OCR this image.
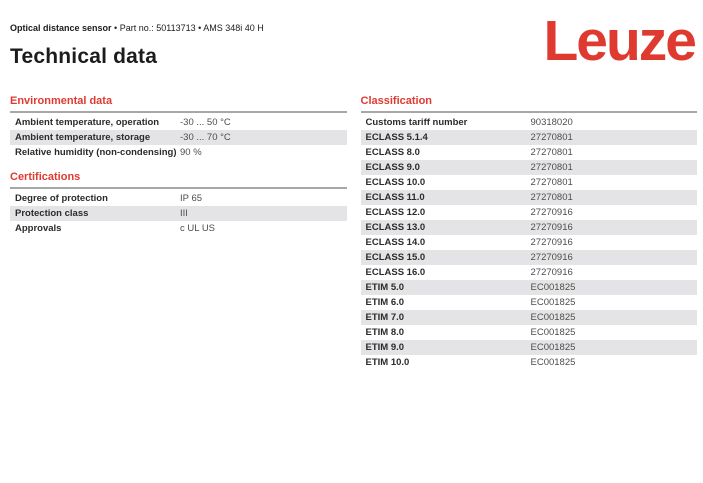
Optical distance sensor • Part no.: 50113713 • AMS 348i 40 H
Technical data	Leuze
Environmental data
Ambient temperature, operation	-30 ... 50 °C
Ambient temperature, storage	-30 ... 70 °C
Relative humidity (non-condensing) 90 %
Certifications
Degree of protection	IP 65
Protection class	III
Approvals	c UL US
Classification
Customs tariff number	90318020
ECLASS 5.1.4	27270801
ECLASS 8.0	27270801
ECLASS 9.0	27270801
ECLASS 10.0	27270801
ECLASS 11.0	27270801
ECLASS 12.0	27270916
ECLASS 13.0	27270916
ECLASS 14.0	27270916
ECLASS 15.0	27270916
ECLASS 16.0	27270916
ETIM 5.0	EC001825
ETIM 6.0	EC001825
ETIM 7.0	EC001825
ETIM 8.0	EC001825
ETIM 9.0	EC001825
ETIM 10.0	EC001825
